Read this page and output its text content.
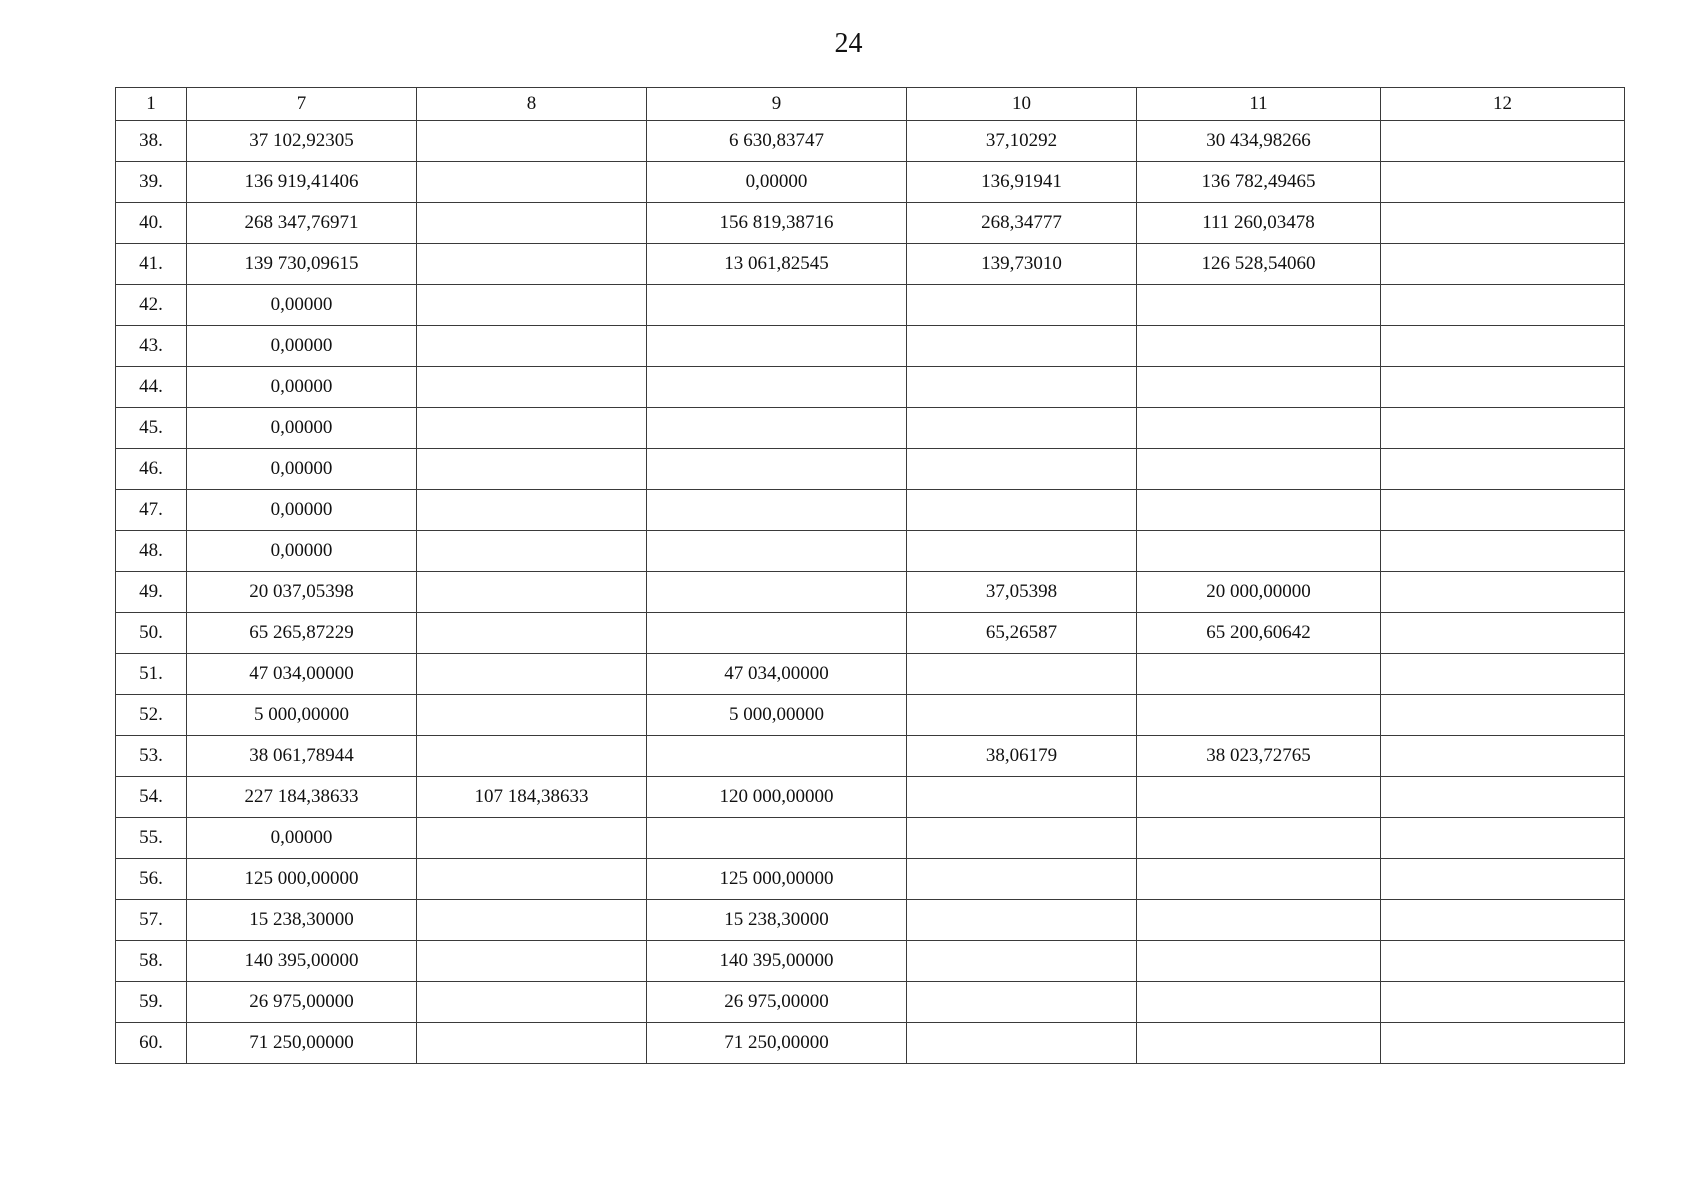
24
1	7	8	9	10	11	12
38.	37 102,92305		6 630,83747	37,10292	30 434,98266	
39.	136 919,41406		0,00000	136,91941	136 782,49465	
40.	268 347,76971		156 819,38716	268,34777	111 260,03478	
41.	139 730,09615		13 061,82545	139,73010	126 528,54060	
42.	0,00000					
43.	0,00000					
44.	0,00000					
45.	0,00000					
46.	0,00000					
47.	0,00000					
48.	0,00000					
49.	20 037,05398			37,05398	20 000,00000	
50.	65 265,87229			65,26587	65 200,60642	
51.	47 034,00000		47 034,00000			
52.	5 000,00000		5 000,00000			
53.	38 061,78944			38,06179	38 023,72765	
54.	227 184,38633	107 184,38633	120 000,00000			
55.	0,00000					
56.	125 000,00000		125 000,00000			
57.	15 238,30000		15 238,30000			
58.	140 395,00000		140 395,00000			
59.	26 975,00000		26 975,00000			
60.	71 250,00000		71 250,00000			
